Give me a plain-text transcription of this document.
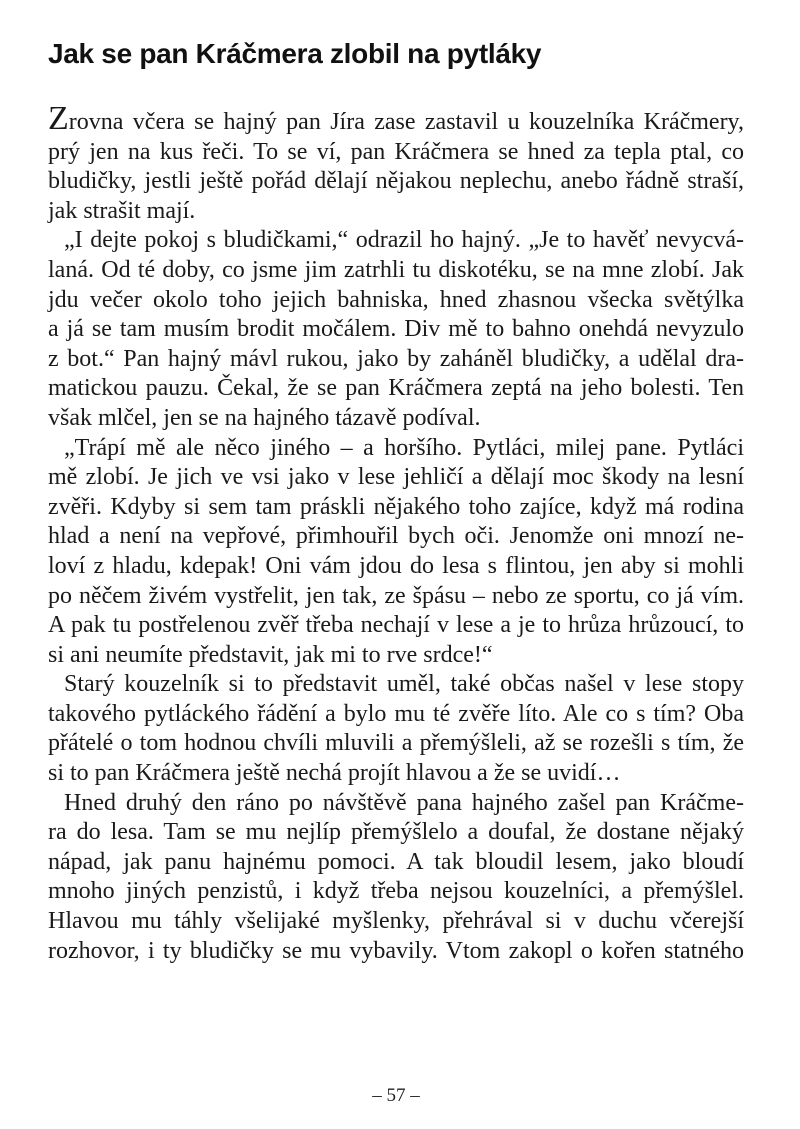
Jak se pan Kráčmera zlobil na pytláky

Zrovna včera se hajný pan Jíra zase zastavil u kouzelníka Kráčmery,
prý jen na kus řeči. To se ví, pan Kráčmera se hned za tepla ptal, co
bludičky, jestli ještě pořád dělají nějakou neplechu, anebo řádně straší,
jak strašit mají.

„I dejte pokoj s bludičkami,“ odrazil ho hajný. „Je to havěť nevycvá-
laná. Od té doby, co jsme jim zatrhli tu diskotéku, se na mne zlobí. Jak
jdu večer okolo toho jejich bahniska, hned zhasnou všecka světýlka
a já se tam musím brodit močálem. Div mě to bahno onehdá nevyzulo
z bot.“ Pan hajný mávl rukou, jako by zaháněl bludičky, a udělal dra-
matickou pauzu. Čekal, že se pan Kráčmera zeptá na jeho bolesti. Ten
však mlčel, jen se na hajného tázavě podíval.

„Trápí mě ale něco jiného – a horšího. Pytláci, milej pane. Pytláci
mě zlobí. Je jich ve vsi jako v lese jehličí a dělají moc škody na lesní
zvěři. Kdyby si sem tam práskli nějakého toho zajíce, když má rodina
hlad a není na vepřové, přimhouřil bych oči. Jenomže oni mnozí ne-
loví z hladu, kdepak! Oni vám jdou do lesa s flintou, jen aby si mohli
po něčem živém vystřelit, jen tak, ze špásu – nebo ze sportu, co já vím.
A pak tu postřelenou zvěř třeba nechají v lese a je to hrůza hrůzoucí, to
si ani neumíte představit, jak mi to rve srdce!“

Starý kouzelník si to představit uměl, také občas našel v lese stopy
takového pytláckého řádění a bylo mu té zvěře líto. Ale co s tím? Oba
přátelé o tom hodnou chvíli mluvili a přemýšleli, až se rozešli s tím, že
si to pan Kráčmera ještě nechá projít hlavou a že se uvidí…

Hned druhý den ráno po návštěvě pana hajného zašel pan Kráčme-
ra do lesa. Tam se mu nejlíp přemýšlelo a doufal, že dostane nějaký
nápad, jak panu hajnému pomoci. A tak bloudil lesem, jako bloudí
mnoho jiných penzistů, i když třeba nejsou kouzelníci, a přemýšlel.
Hlavou mu táhly všelijaké myšlenky, přehrával si v duchu včerejší
rozhovor, i ty bludičky se mu vybavily. Vtom zakopl o kořen statného

– 57 –
